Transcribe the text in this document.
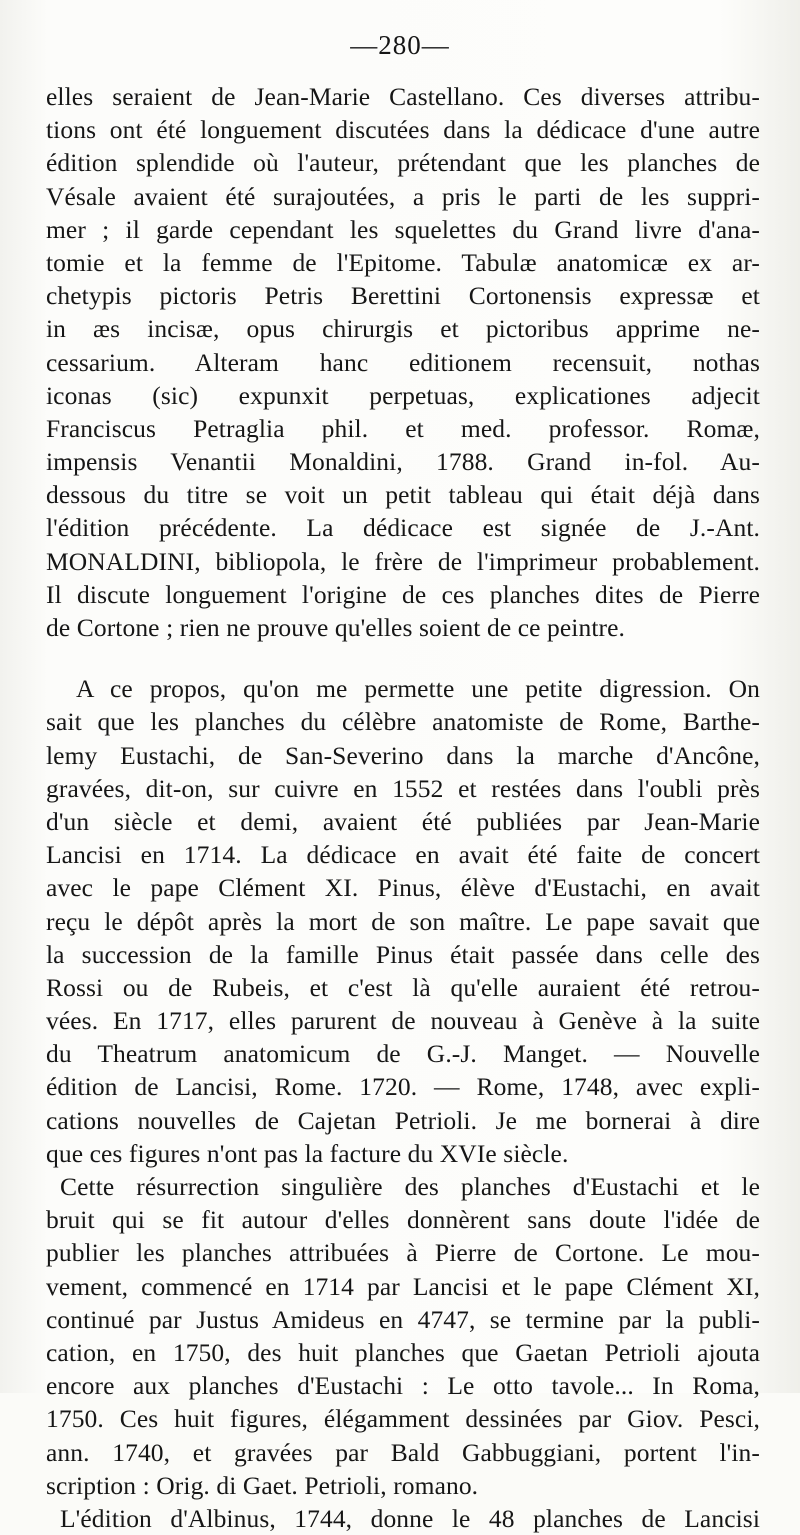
—280—
elles seraient de Jean-Marie Castellano. Ces diverses attribu-
tions ont été longuement discutées dans la dédicace d'une autre
édition splendide où l'auteur, prétendant que les planches de
Vésale avaient été surajoutées, a pris le parti de les suppri-
mer ; il garde cependant les squelettes du Grand livre d'ana-
tomie et la femme de l'Epitome. Tabulæ anatomicæ ex ar-
chetypis pictoris Petris Berettini Cortonensis expressæ et
in æs incisæ, opus chirurgis et pictoribus apprime ne-
cessarium. Alteram hanc editionem recensuit, nothas
iconas (sic) expunxit perpetuas, explicationes adjecit
Franciscus Petraglia phil. et med. professor. Romæ,
impensis Venantii Monaldini, 1788. Grand in-fol. Au-
dessous du titre se voit un petit tableau qui était déjà dans
l'édition précédente. La dédicace est signée de J.-Ant.
MONALDINI, bibliopola, le frère de l'imprimeur probablement.
Il discute longuement l'origine de ces planches dites de Pierre
de Cortone ; rien ne prouve qu'elles soient de ce peintre.
A ce propos, qu'on me permette une petite digression. On
sait que les planches du célèbre anatomiste de Rome, Barthe-
lemy Eustachi, de San-Severino dans la marche d'Ancône,
gravées, dit-on, sur cuivre en 1552 et restées dans l'oubli près
d'un siècle et demi, avaient été publiées par Jean-Marie
Lancisi en 1714. La dédicace en avait été faite de concert
avec le pape Clément XI. Pinus, élève d'Eustachi, en avait
reçu le dépôt après la mort de son maître. Le pape savait que
la succession de la famille Pinus était passée dans celle des
Rossi ou de Rubeis, et c'est là qu'elle auraient été retrou-
vées. En 1717, elles parurent de nouveau à Genève à la suite
du Theatrum anatomicum de G.-J. Manget. — Nouvelle
édition de Lancisi, Rome. 1720. — Rome, 1748, avec expli-
cations nouvelles de Cajetan Petrioli. Je me bornerai à dire
que ces figures n'ont pas la facture du XVIe siècle.
Cette résurrection singulière des planches d'Eustachi et le
bruit qui se fit autour d'elles donnèrent sans doute l'idée de
publier les planches attribuées à Pierre de Cortone. Le mou-
vement, commencé en 1714 par Lancisi et le pape Clément XI,
continué par Justus Amideus en 4747, se termine par la publi-
cation, en 1750, des huit planches que Gaetan Petrioli ajouta
encore aux planches d'Eustachi : Le otto tavole... In Roma,
1750. Ces huit figures, élégamment dessinées par Giov. Pesci,
ann. 1740, et gravées par Bald Gabbuggiani, portent l'in-
scription : Orig. di Gaet. Petrioli, romano.
L'édition d'Albinus, 1744, donne le 48 planches de Lancisi
